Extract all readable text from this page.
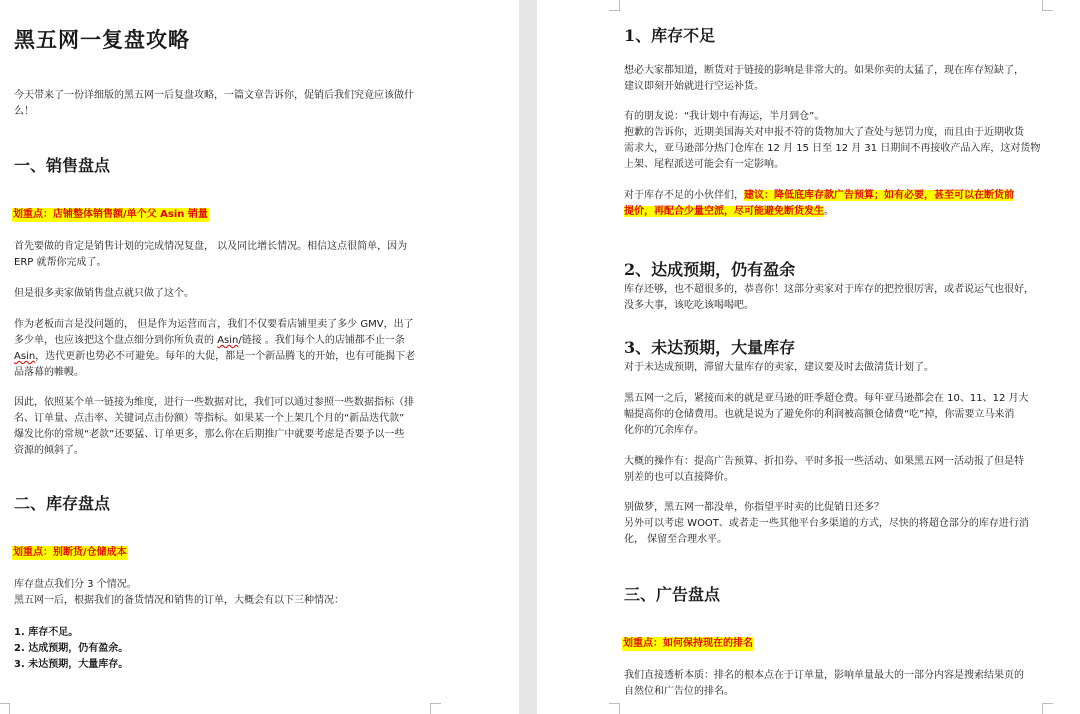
黑五网一复盘攻略
今天带来了一份详细版的黑五网一后复盘攻略，一篇文章告诉你，促销后我们究竟应该做什
么！
一、销售盘点
划重点：店铺整体销售额/单个父 Asin 销量
首先要做的肯定是销售计划的完成情况复盘， 以及同比增长情况。相信这点很简单，因为
ERP 就帮你完成了。
但是很多卖家做销售盘点就只做了这个。
作为老板而言是没问题的， 但是作为运营而言，我们不仅要看店铺里卖了多少 GMV，出了
多少单，也应该把这个盘点细分到你所负责的 Asin/链接 。我们每个人的店铺都不止一条
Asin，迭代更新也势必不可避免。每年的大促，都是一个新品腾飞的开始，也有可能揭下老
品落幕的帷幔。
因此，依照某个单一链接为维度，进行一些数据对比，我们可以通过参照一些数据指标（排
名、订单量、点击率、关键词点击份额）等指标。如果某一个上架几个月的“新品迭代款”
爆发比你的常规“老款”还要猛、订单更多，那么你在后期推广中就要考虑是否要予以一些
资源的倾斜了。
二、库存盘点
划重点：别断货/仓储成本
库存盘点我们分 3 个情况。
黑五网一后，根据我们的备货情况和销售的订单，大概会有以下三种情况：
1. 库存不足。
2. 达成预期，仍有盈余。
3. 未达预期，大量库存。
1、库存不足
想必大家都知道，断货对于链接的影响是非常大的。如果你卖的太猛了，现在库存短缺了，
建议即刻开始就进行空运补货。
有的朋友说：“我计划中有海运，半月到仓”。
抱歉的告诉你，近期美国海关对申报不符的货物加大了查处与惩罚力度，而且由于近期收货
需求大，亚马逊部分热门仓库在 12 月 15 日至 12 月 31 日期间不再接收产品入库，这对货物
上架、尾程派送可能会有一定影响。
对于库存不足的小伙伴们，建议：降低底库存款广告预算；如有必要，甚至可以在断货前
提价，再配合少量空派，尽可能避免断货发生。
2、达成预期，仍有盈余
库存还够，也不超很多的，恭喜你！这部分卖家对于库存的把控很厉害，或者说运气也很好，
没多大事，该吃吃该喝喝吧。
3、未达预期，大量库存
对于未达成预期，滞留大量库存的卖家，建议要及时去做清货计划了。
黑五网一之后，紧接而来的就是亚马逊的旺季超仓费。每年亚马逊都会在 10、11、12 月大
幅提高你的仓储费用。也就是说为了避免你的利润被高额仓储费“吃”掉，你需要立马来消
化你的冗余库存。
大概的操作有：提高广告预算、折扣券、平时多报一些活动、如果黑五网一活动报了但是特
别差的也可以直接降价。
别做梦，黑五网一都没单，你指望平时卖的比促销日还多？
另外可以考虑 WOOT、或者走一些其他平台多渠道的方式，尽快的将超仓部分的库存进行消
化， 保留至合理水平。
三、广告盘点
划重点：如何保持现在的排名
我们直接透析本质：排名的根本点在于订单量，影响单量最大的一部分内容是搜索结果页的
自然位和广告位的排名。
